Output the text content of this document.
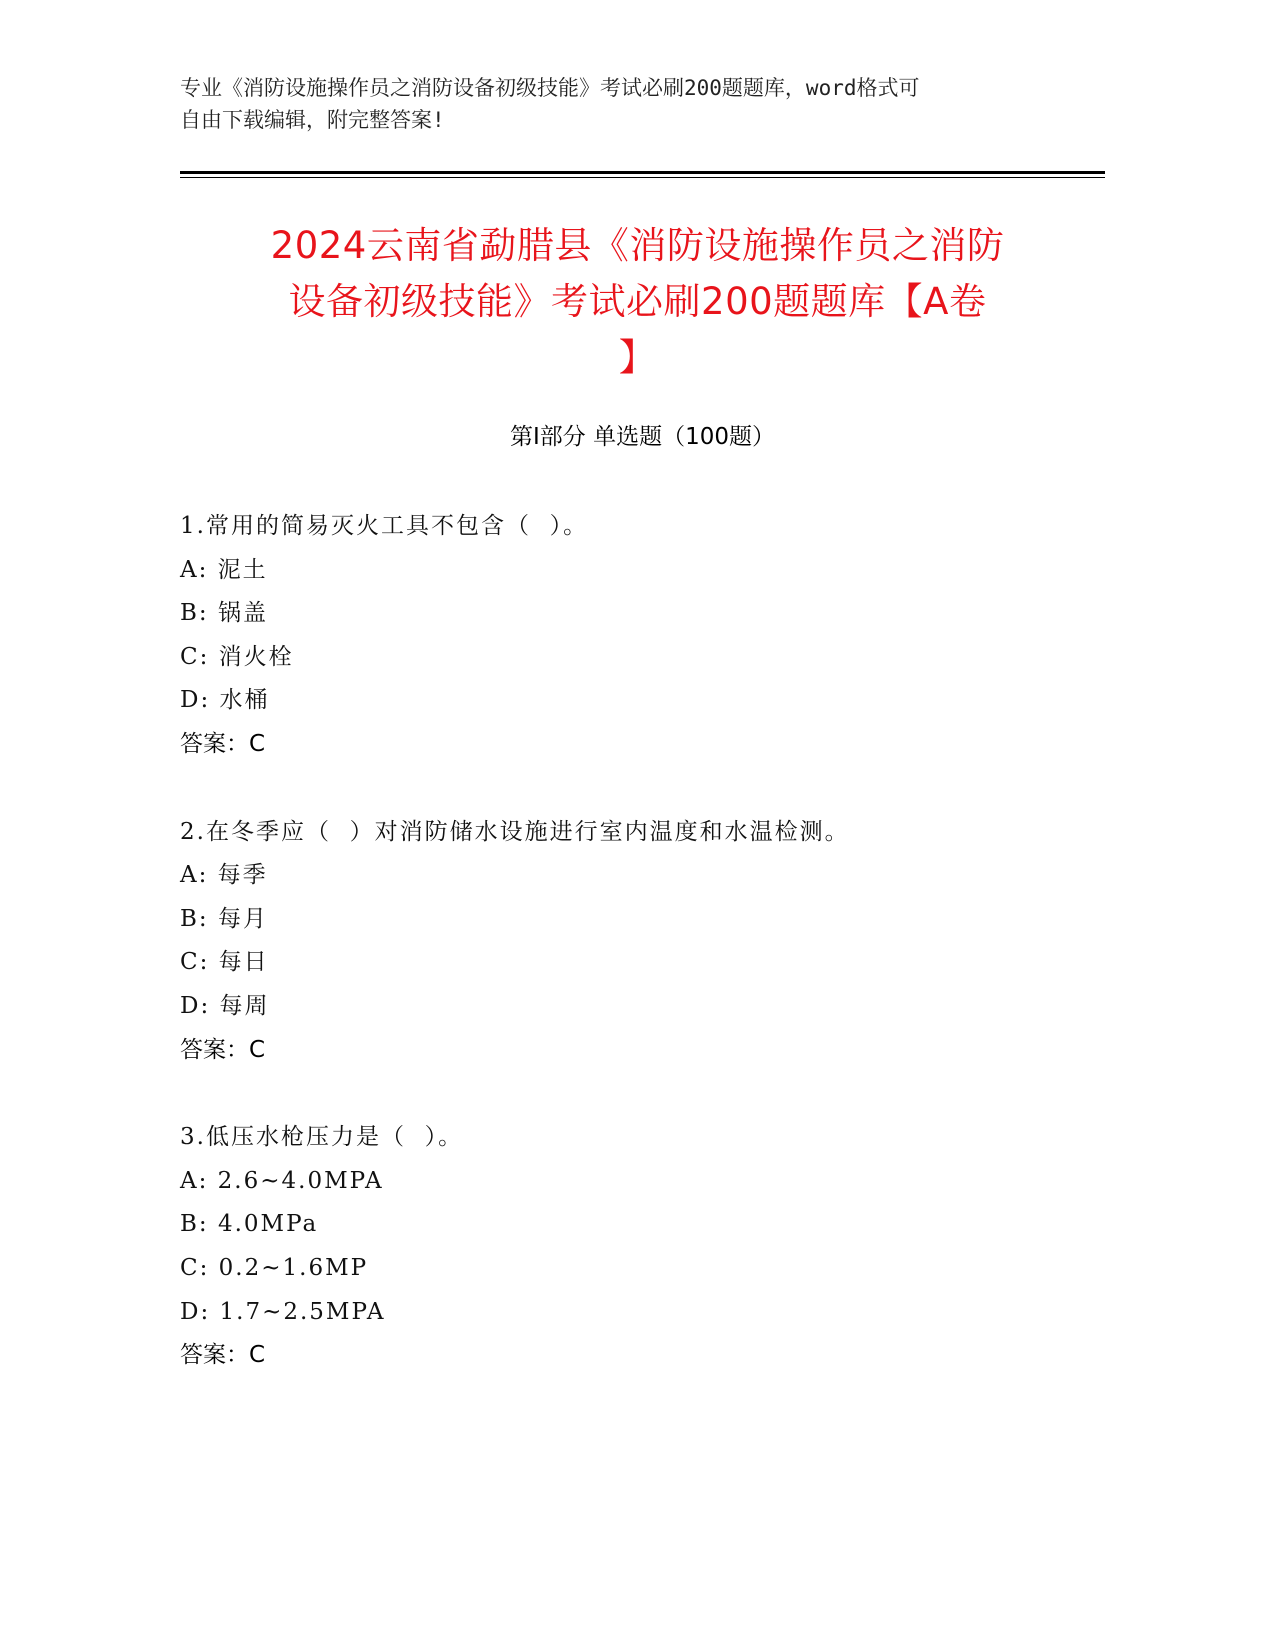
专业《消防设施操作员之消防设备初级技能》考试必刷200题题库，word格式可
自由下载编辑，附完整答案!
2024云南省勐腊县《消防设施操作员之消防
设备初级技能》考试必刷200题题库【A卷
】
第I部分 单选题（100题）
1.常用的简易灭火工具不包含（  ）。
A: 泥土
B: 锅盖
C: 消火栓
D: 水桶
答案：C
2.在冬季应（  ）对消防储水设施进行室内温度和水温检测。
A: 每季
B: 每月
C: 每日
D: 每周
答案：C
3.低压水枪压力是（  ）。
A: 2.6~4.0MPA
B: 4.0MPa
C: 0.2~1.6MP
D: 1.7~2.5MPA
答案：C
